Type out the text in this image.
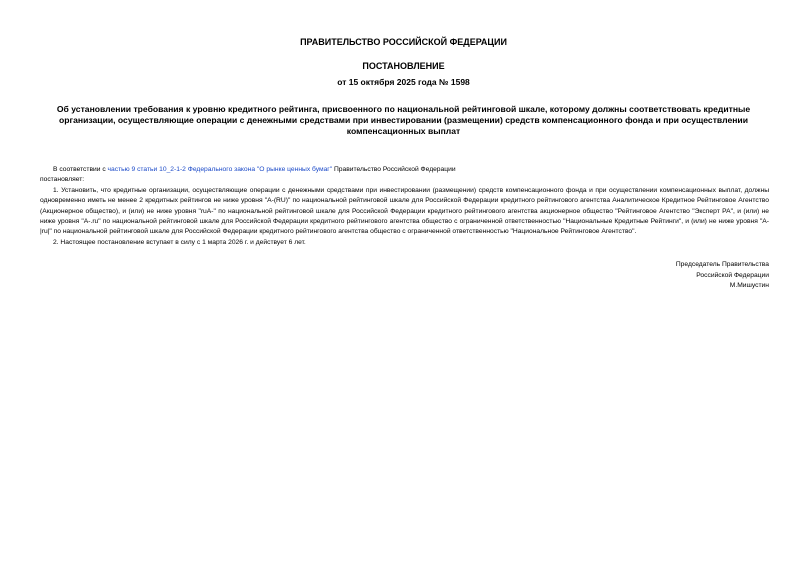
ПРАВИТЕЛЬСТВО РОССИЙСКОЙ ФЕДЕРАЦИИ
ПОСТАНОВЛЕНИЕ
от 15 октября 2025 года № 1598
Об установлении требования к уровню кредитного рейтинга, присвоенного по национальной рейтинговой шкале, которому должны соответствовать кредитные организации, осуществляющие операции с денежными средствами при инвестировании (размещении) средств компенсационного фонда и при осуществлении компенсационных выплат

В соответствии с частью 9 статьи 10_2-1-2 Федерального закона "О рынке ценных бумаг" Правительство Российской Федерации

постановляет:

1. Установить, что кредитные организации, осуществляющие операции с денежными средствами при инвестировании (размещении) средств компенсационного фонда и при осуществлении компенсационных выплат, должны одновременно иметь не менее 2 кредитных рейтингов не ниже уровня "A-(RU)" по национальной рейтинговой шкале для Российской Федерации кредитного рейтингового агентства Аналитическое Кредитное Рейтинговое Агентство (Акционерное общество), и (или) не ниже уровня "ruA-" по национальной рейтинговой шкале для Российской Федерации кредитного рейтингового агентства акционерное общество "Рейтинговое Агентство "Эксперт РА", и (или) не ниже уровня "A-.ru" по национальной рейтинговой шкале для Российской Федерации кредитного рейтингового агентства общество с ограниченной ответственностью "Национальные Кредитные Рейтинги", и (или) не ниже уровня "A-|ru|" по национальной рейтинговой шкале для Российской Федерации кредитного рейтингового агентства общество с ограниченной ответственностью "Национальное Рейтинговое Агентство".

2. Настоящее постановление вступает в силу с 1 марта 2026 г. и действует 6 лет.

Председатель Правительства
Российской Федерации
М.Мишустин
